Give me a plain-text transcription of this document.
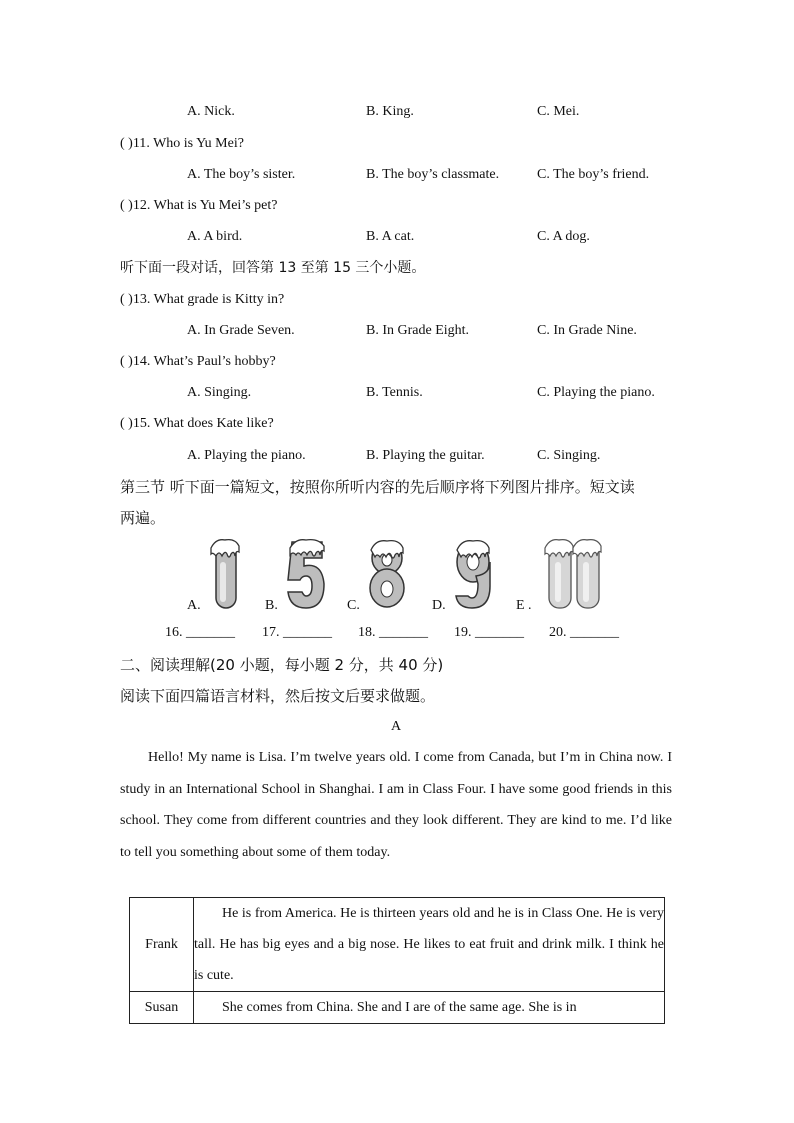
A. Nick.	B. King.	C. Mei.
( )11. Who is Yu Mei?
A. The boy’s sister.	B. The boy’s classmate.	C. The boy’s friend.
( )12. What is Yu Mei’s pet?
A. A bird.	B. A cat.	C. A dog.
听下面一段对话，回答第 13 至第 15 三个小题。
( )13. What grade is Kitty in?
A. In Grade Seven.	B. In Grade Eight.	C. In Grade Nine.
( )14. What’s Paul’s hobby?
A. Singing.	B. Tennis.	C. Playing the piano.
( )15. What does Kate like?
A. Playing the piano.	B. Playing the guitar.	C. Singing.
第三节 听下面一篇短文，按照你所听内容的先后顺序将下列图片排序。短文读
两遍。
A.	B.	C.	D.	E .
16. _______ 17. _______ 18. _______ 19. _______ 20. _______
二、阅读理解(20 小题，每小题 2 分，共 40 分)
阅读下面四篇语言材料，然后按文后要求做题。
A
Hello! My name is Lisa. I’m twelve years old. I come from Canada, but I’m in China now. I study in an International School in Shanghai. I am in Class Four. I have some good friends in this school. They come from different countries and they look different. They are kind to me. I’d like to tell you something about some of them today.
Frank	He is from America. He is thirteen years old and he is in Class One. He is very tall. He has big eyes and a big nose. He likes to eat fruit and drink milk. I think he is cute.
Susan	She comes from China. She and I are of the same age. She is in
